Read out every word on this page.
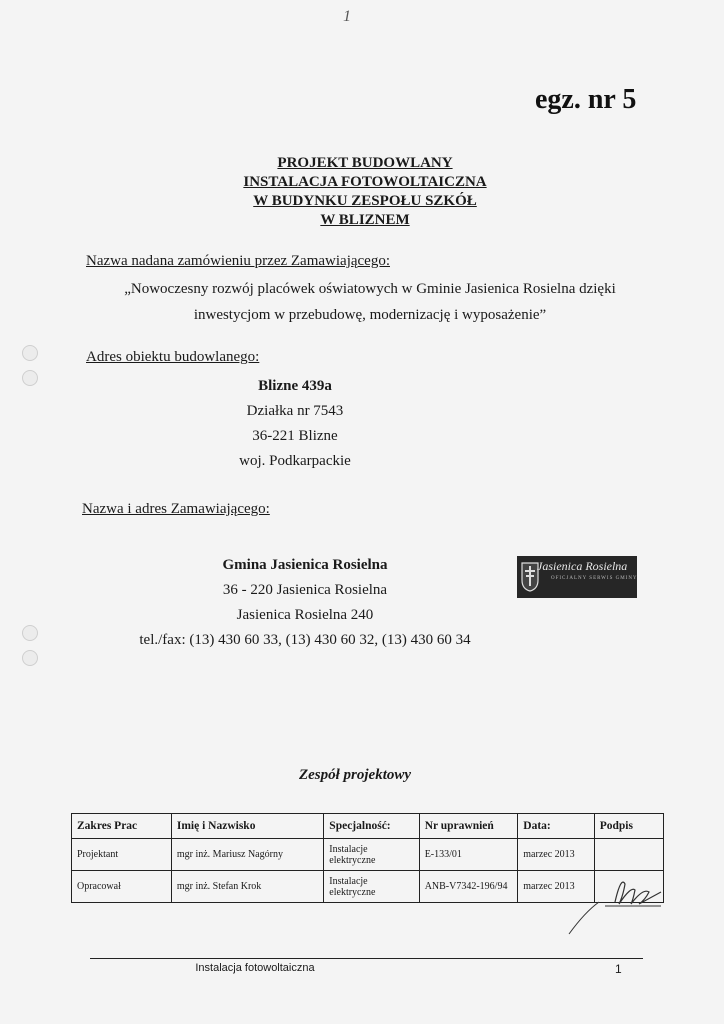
1
egz. nr 5
PROJEKT BUDOWLANY
INSTALACJA FOTOWOLTAICZNA
W BUDYNKU ZESPOŁU SZKÓŁ
W BLIZNEM
Nazwa nadana zamówieniu przez Zamawiającego:
„Nowoczesny rozwój placówek oświatowych w Gminie Jasienica Rosielna dzięki
inwestycjom w przebudowę, modernizację i wyposażenie”
Adres obiektu budowlanego:
Blizne 439a
Działka nr 7543
36-221 Blizne
woj. Podkarpackie
Nazwa i adres Zamawiającego:
Gmina Jasienica Rosielna
36 - 220 Jasienica Rosielna
Jasienica Rosielna 240
tel./fax: (13) 430 60 33, (13) 430 60 32, (13) 430 60 34
Jasienica Rosielna
OFICJALNY SERWIS GMINY
Zespół projektowy
Zakres Prac	Imię i Nazwisko	Specjalność:	Nr uprawnień	Data:	Podpis
Projektant	mgr inż. Mariusz Nagórny	Instalacje elektryczne	E-133/01	marzec 2013	
Opracował	mgr inż. Stefan Krok	Instalacje elektryczne	ANB-V7342-196/94	marzec 2013	
Instalacja fotowoltaiczna	1
